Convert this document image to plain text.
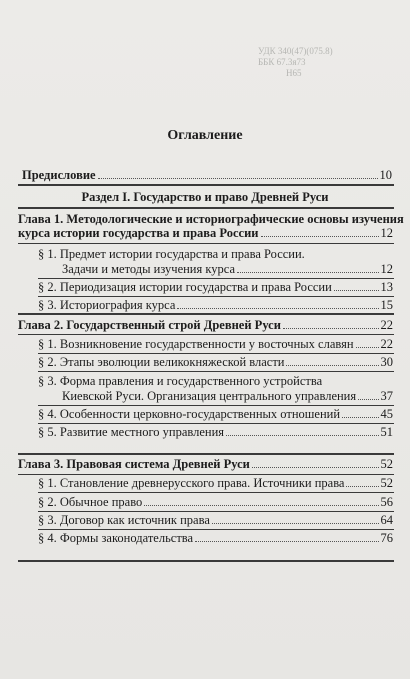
УДК 340(47)(075.8)
ББК 67.3я73
Н65
Оглавление
Предисловие	10
Раздел I. Государство и право Древней Руси
Глава 1. Методологические и историографические основы изучения
курса истории государства и права России	12
§ 1. Предмет истории государства и права России.
Задачи и методы изучения курса	12
§ 2. Периодизация истории государства и права России	13
§ 3. Историография курса	15
Глава 2. Государственный строй Древней Руси	22
§ 1. Возникновение государственности у восточных славян 22
§ 2. Этапы эволюции великокняжеской власти	30
§ 3. Форма правления и государственного устройства
Киевской Руси. Организация центрального управления 37
§ 4. Особенности церковно-государственных отношений	45
§ 5. Развитие местного управления	51
Глава 3. Правовая система Древней Руси	52
§ 1. Становление древнерусского права. Источники права	52
§ 2. Обычное право	56
§ 3. Договор как источник права	64
§ 4. Формы законодательства	76
